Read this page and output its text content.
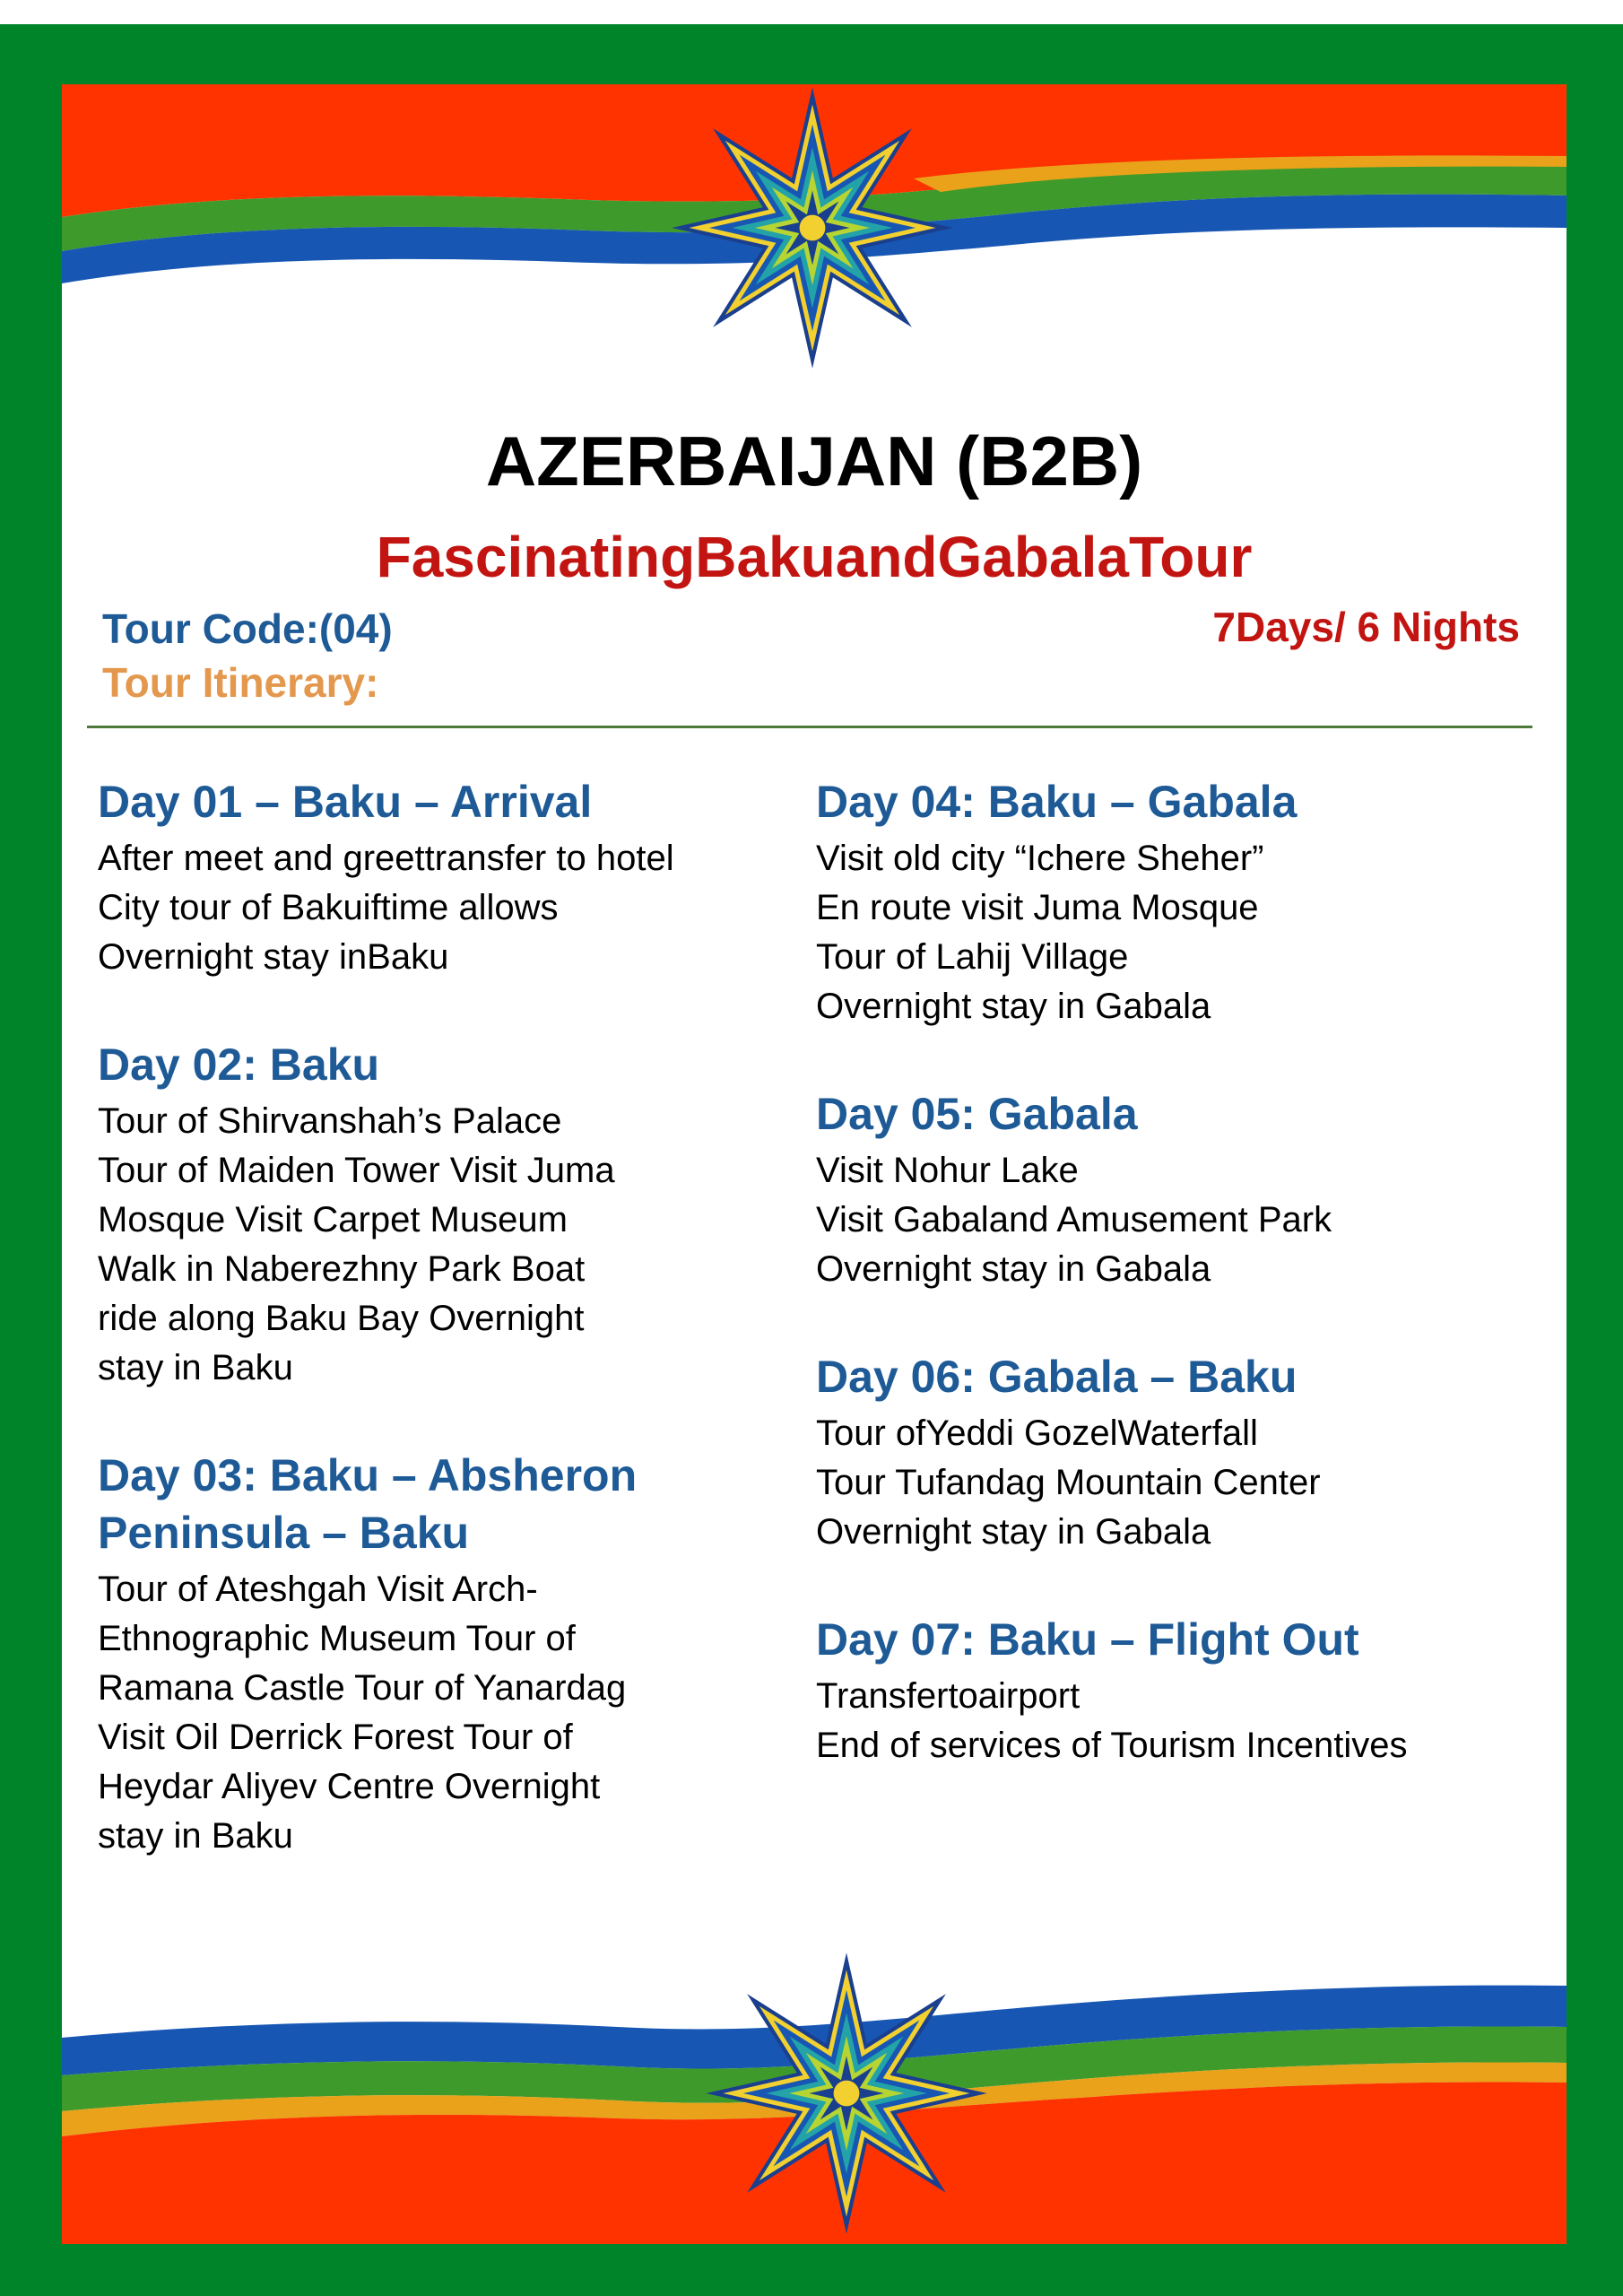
AZERBAIJAN (B2B)
FascinatingBakuandGabalaTour
Tour Code:(04)	7Days/ 6 Nights
Tour Itinerary:
Day 01 – Baku – Arrival
After meet and greettransfer to hotel
City tour of Bakuiftime allows
Overnight stay inBaku
Day 02: Baku
Tour of Shirvanshah’s Palace
Tour of Maiden Tower Visit Juma
Mosque Visit Carpet Museum
Walk in Naberezhny Park Boat
ride along Baku Bay Overnight
stay in Baku
Day 03: Baku – Absheron Peninsula – Baku
Tour of Ateshgah Visit Arch-
Ethnographic Museum Tour of
Ramana Castle Tour of Yanardag
Visit Oil Derrick Forest Tour of
Heydar Aliyev Centre Overnight
stay in Baku
Day 04: Baku – Gabala
Visit old city “Ichere Sheher”
En route visit Juma Mosque
Tour of Lahij Village
Overnight stay in Gabala
Day 05: Gabala
Visit Nohur Lake
Visit Gabaland Amusement Park
Overnight stay in Gabala
Day 06: Gabala – Baku
Tour ofYeddi GozelWaterfall
Tour Tufandag Mountain Center
Overnight stay in Gabala
Day 07: Baku – Flight Out
Transfertoairport
End of services of Tourism Incentives
